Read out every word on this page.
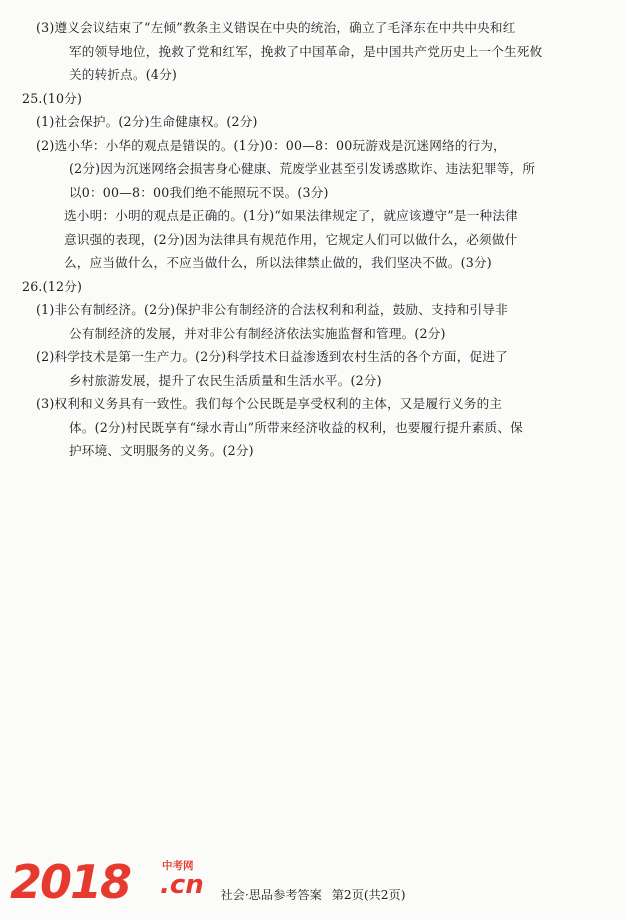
(3)遵义会议结束了“左倾”教条主义错误在中央的统治，确立了毛泽东在中共中央和红
军的领导地位，挽救了党和红军，挽救了中国革命，是中国共产党历史上一个生死攸
关的转折点。(4分)
25.(10分)
(1)社会保护。(2分)生命健康权。(2分)
(2)选小华：小华的观点是错误的。(1分)0：00—8：00玩游戏是沉迷网络的行为，
(2分)因为沉迷网络会损害身心健康、荒废学业甚至引发诱惑欺诈、违法犯罪等，所
以0：00—8：00我们绝不能照玩不误。(3分)
选小明：小明的观点是正确的。(1分)“如果法律规定了，就应该遵守”是一种法律
意识强的表现，(2分)因为法律具有规范作用，它规定人们可以做什么，必须做什
么，应当做什么，不应当做什么，所以法律禁止做的，我们坚决不做。(3分)
26.(12分)
(1)非公有制经济。(2分)保护非公有制经济的合法权利和利益，鼓励、支持和引导非
公有制经济的发展，并对非公有制经济依法实施监督和管理。(2分)
(2)科学技术是第一生产力。(2分)科学技术日益渗透到农村生活的各个方面，促进了
乡村旅游发展，提升了农民生活质量和生活水平。(2分)
(3)权利和义务具有一致性。我们每个公民既是享受权利的主体，又是履行义务的主
体。(2分)村民既享有“绿水青山”所带来经济收益的权利，也要履行提升素质、保
护环境、文明服务的义务。(2分)
2018	中考网
.cn	社会·思品参考答案 第2页(共2页)
